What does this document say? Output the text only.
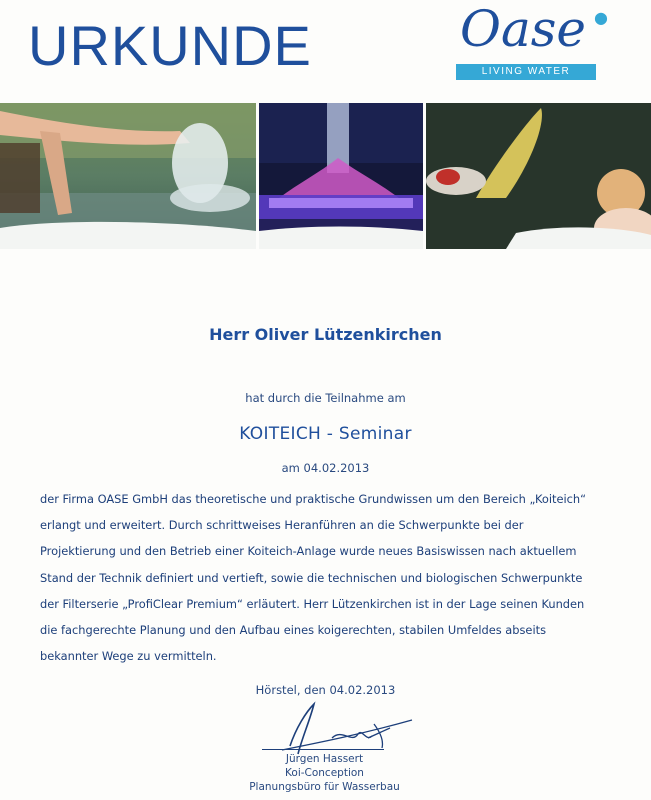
URKUNDE	Oase ●
LIVING WATER
Herr Oliver Lützenkirchen
hat durch die Teilnahme am
KOITEICH - Seminar
am 04.02.2013
der Firma OASE GmbH das theoretische und praktische Grundwissen um den Bereich „Koiteich“
erlangt und erweitert. Durch schrittweises Heranführen an die Schwerpunkte bei der
Projektierung und den Betrieb einer Koiteich-Anlage wurde neues Basiswissen nach aktuellem
Stand der Technik definiert und vertieft, sowie die technischen und biologischen Schwerpunkte
der Filterserie „ProfiClear Premium“ erläutert. Herr Lützenkirchen ist in der Lage seinen Kunden
die fachgerechte Planung und den Aufbau eines koigerechten, stabilen Umfeldes abseits
bekannter Wege zu vermitteln.
Hörstel, den 04.02.2013
Jürgen Hassert
Koi-Conception
Planungsbüro für Wasserbau
